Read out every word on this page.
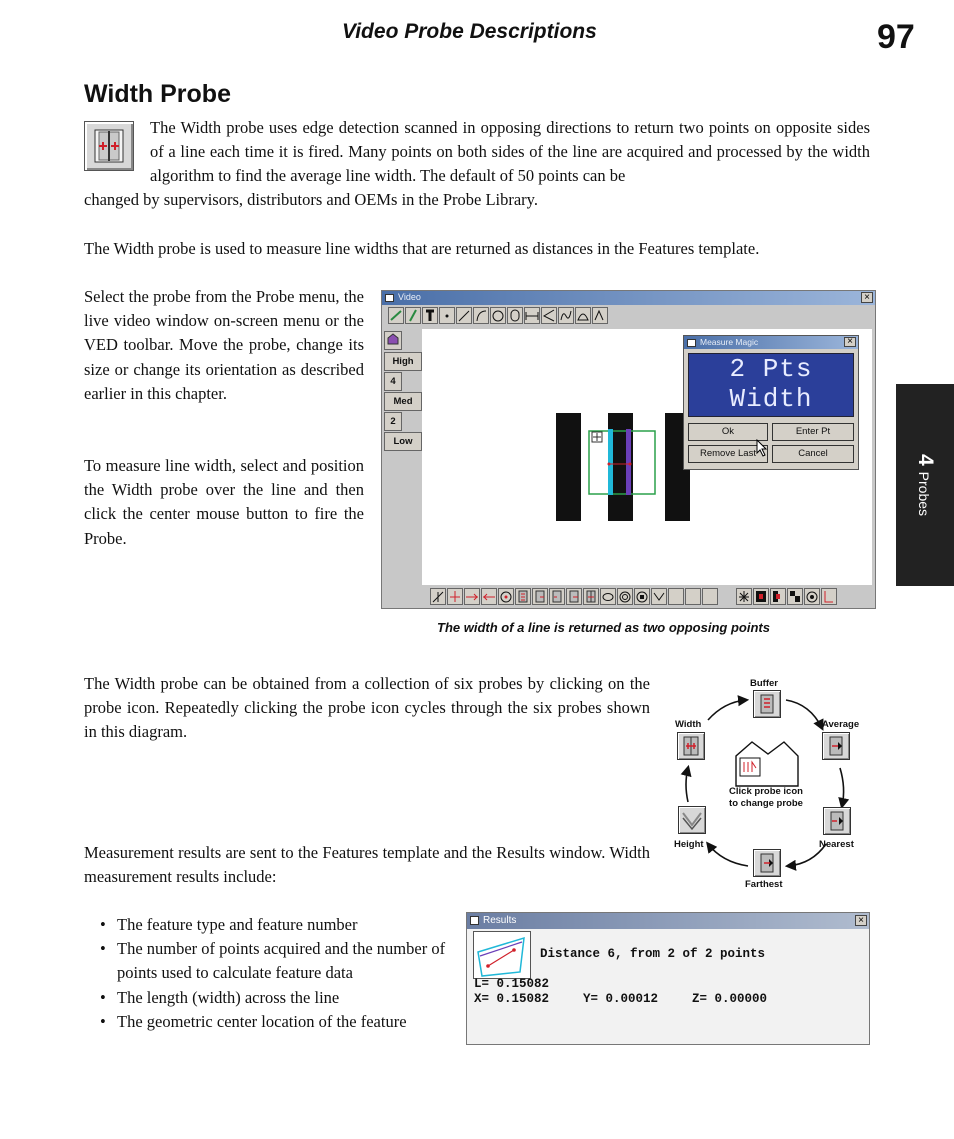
Video Probe Descriptions	97
4Probes
Width Probe
The Width probe uses edge detection scanned in opposing directions to return two points on opposite sides of a line each time it is fired. Many points on both sides of the line are acquired and processed by the width algorithm to find the average line width. The default of 50 points can be
changed by supervisors, distributors and OEMs in the Probe Library.
The Width probe is used to measure line widths that are returned as distances in the Features template.
Select the probe from the Probe menu, the live video window on-screen menu or the VED toolbar. Move the probe, change its size or change its orientation as described earlier in this chapter.
To measure line width, select and position the Width probe over the line and then click the center mouse button to fire the Probe.
Video	×
High
4
Med
2
Low
Measure Magic	×
2 Pts
Width
Ok	Enter Pt
Remove Last	Cancel
The width of a line is returned as two opposing points
The Width probe can be obtained from a collection of six probes by clicking on the probe icon. Repeatedly clicking the probe icon cycles through the six probes shown in this diagram.
Buffer
Average
Width
Click probe icon
to change probe
Height	Nearest
Farthest
Measurement results are sent to the Features template and the Results window. Width measurement results include:
• The feature type and feature number
• The number of points acquired and the number of points used to calculate feature data
• The length (width) across the line
• The geometric center location of the feature
Results	×
Distance 6, from 2 of 2 points
L= 0.15082
X= 0.15082	Y= 0.00012	Z= 0.00000
